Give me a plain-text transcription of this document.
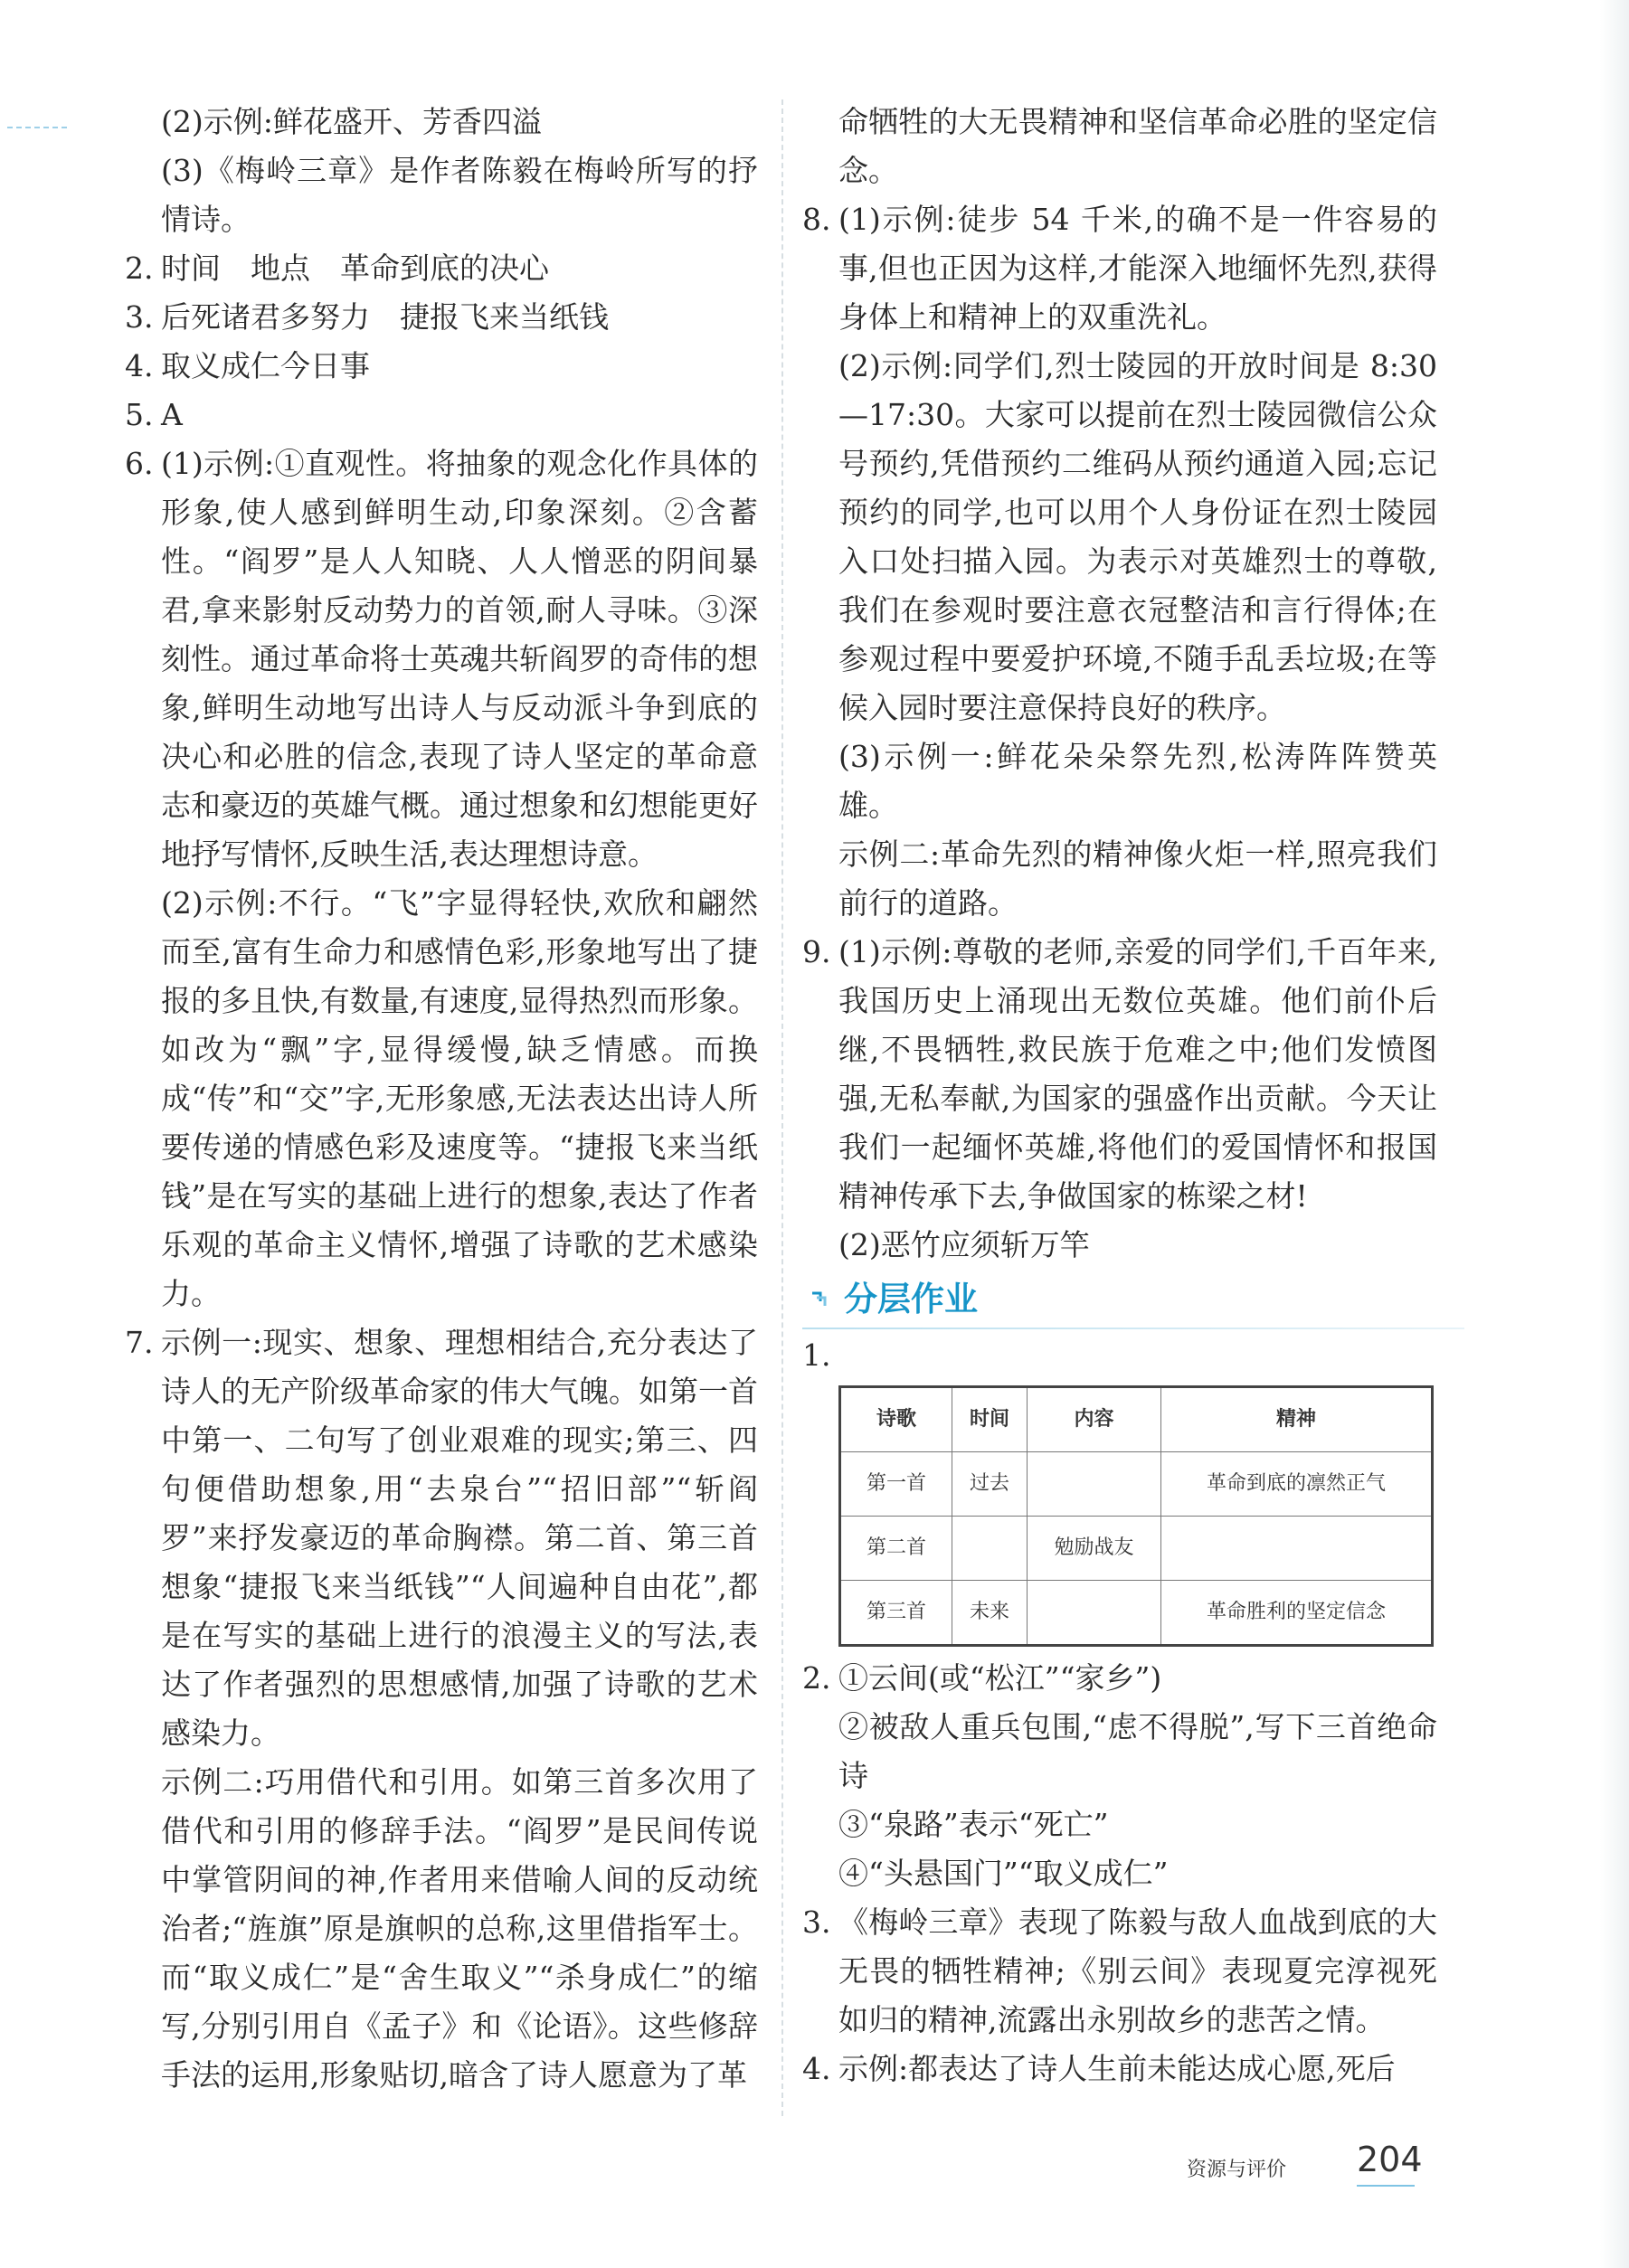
(2)示例:鲜花盛开、芳香四溢
(3)《梅岭三章》是作者陈毅在梅岭所写的抒情诗。
2. 时间　地点　革命到底的决心
3. 后死诸君多努力　捷报飞来当纸钱
4. 取义成仁今日事
5. A
6. (1)示例:①直观性。将抽象的观念化作具体的形象,使人感到鲜明生动,印象深刻。②含蓄性。“阎罗”是人人知晓、人人憎恶的阴间暴君,拿来影射反动势力的首领,耐人寻味。③深刻性。通过革命将士英魂共斩阎罗的奇伟的想象,鲜明生动地写出诗人与反动派斗争到底的决心和必胜的信念,表现了诗人坚定的革命意志和豪迈的英雄气概。通过想象和幻想能更好地抒写情怀,反映生活,表达理想诗意。
(2)示例:不行。“飞”字显得轻快,欢欣和翩然而至,富有生命力和感情色彩,形象地写出了捷报的多且快,有数量,有速度,显得热烈而形象。如改为“飘”字,显得缓慢,缺乏情感。而换成“传”和“交”字,无形象感,无法表达出诗人所要传递的情感色彩及速度等。“捷报飞来当纸钱”是在写实的基础上进行的想象,表达了作者乐观的革命主义情怀,增强了诗歌的艺术感染力。
7. 示例一:现实、想象、理想相结合,充分表达了诗人的无产阶级革命家的伟大气魄。如第一首中第一、二句写了创业艰难的现实;第三、四句便借助想象,用“去泉台”“招旧部”“斩阎罗”来抒发豪迈的革命胸襟。第二首、第三首想象“捷报飞来当纸钱”“人间遍种自由花”,都是在写实的基础上进行的浪漫主义的写法,表达了作者强烈的思想感情,加强了诗歌的艺术感染力。
示例二:巧用借代和引用。如第三首多次用了借代和引用的修辞手法。“阎罗”是民间传说中掌管阴间的神,作者用来借喻人间的反动统治者;“旌旗”原是旗帜的总称,这里借指军士。而“取义成仁”是“舍生取义”“杀身成仁”的缩写,分别引用自《孟子》和《论语》。这些修辞手法的运用,形象贴切,暗含了诗人愿意为了革
命牺牲的大无畏精神和坚信革命必胜的坚定信念。
8. (1)示例:徒步 54 千米,的确不是一件容易的事,但也正因为这样,才能深入地缅怀先烈,获得身体上和精神上的双重洗礼。
(2)示例:同学们,烈士陵园的开放时间是 8:30—17:30。大家可以提前在烈士陵园微信公众号预约,凭借预约二维码从预约通道入园;忘记预约的同学,也可以用个人身份证在烈士陵园入口处扫描入园。为表示对英雄烈士的尊敬,我们在参观时要注意衣冠整洁和言行得体;在参观过程中要爱护环境,不随手乱丢垃圾;在等候入园时要注意保持良好的秩序。
(3)示例一:鲜花朵朵祭先烈,松涛阵阵赞英雄。
示例二:革命先烈的精神像火炬一样,照亮我们前行的道路。
9. (1)示例:尊敬的老师,亲爱的同学们,千百年来,我国历史上涌现出无数位英雄。他们前仆后继,不畏牺牲,救民族于危难之中;他们发愤图强,无私奉献,为国家的强盛作出贡献。今天让我们一起缅怀英雄,将他们的爱国情怀和报国精神传承下去,争做国家的栋梁之材!
(2)恶竹应须斩万竿
分层作业
1.
诗歌	时间	内容	精神
第一首	过去		革命到底的凛然正气
第二首		勉励战友	
第三首	未来		革命胜利的坚定信念
2. ①云间(或“松江”“家乡”)
②被敌人重兵包围,“虑不得脱”,写下三首绝命诗
③“泉路”表示“死亡”
④“头悬国门”“取义成仁”
3. 《梅岭三章》表现了陈毅与敌人血战到底的大无畏的牺牲精神;《别云间》表现夏完淳视死如归的精神,流露出永别故乡的悲苦之情。
4. 示例:都表达了诗人生前未能达成心愿,死后
资源与评价	204
